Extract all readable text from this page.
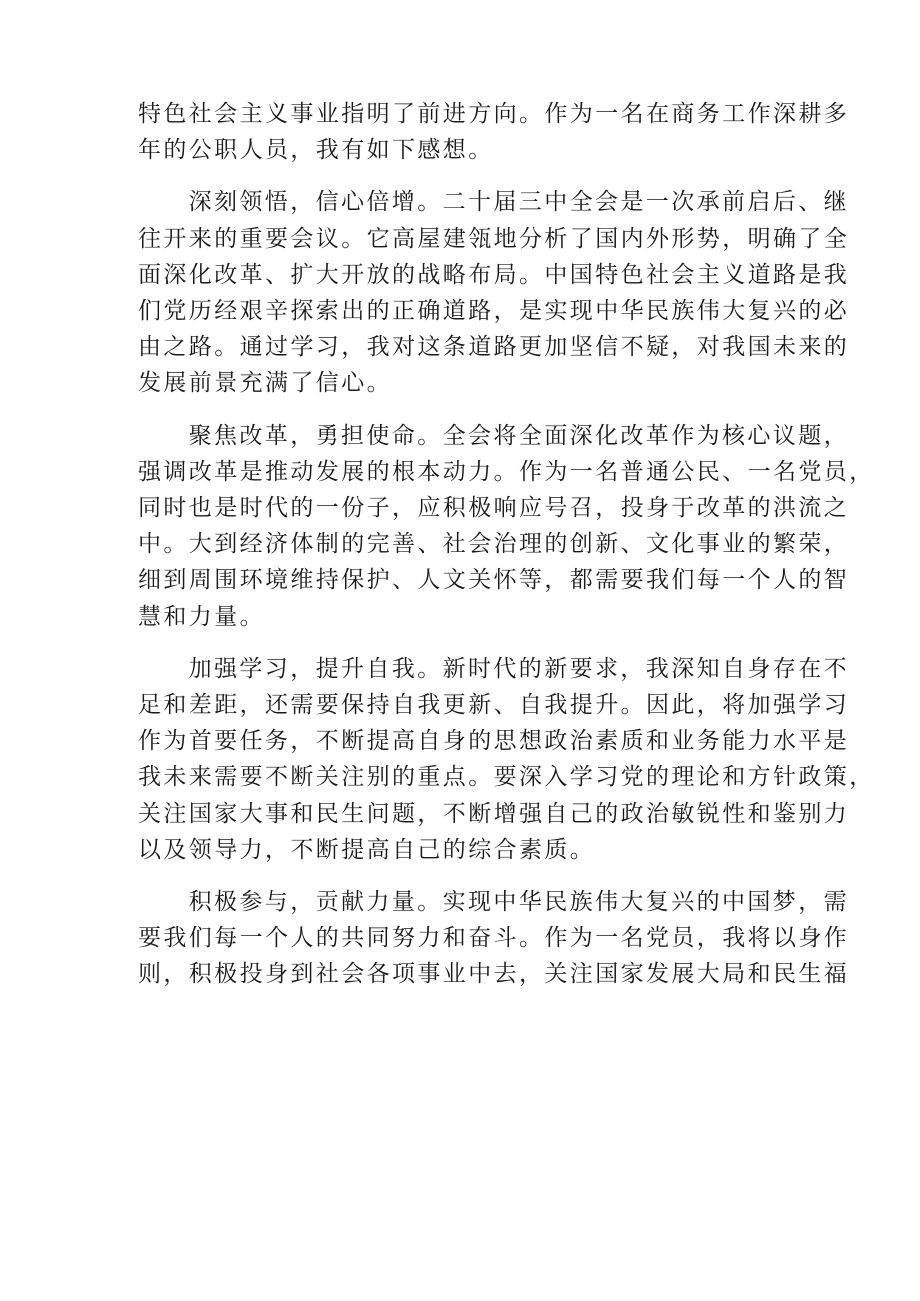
特色社会主义事业指明了前进方向。作为一名在商务工作深耕多
年的公职人员，我有如下感想。

深刻领悟，信心倍增。二十届三中全会是一次承前启后、继
往开来的重要会议。它高屋建瓴地分析了国内外形势，明确了全
面深化改革、扩大开放的战略布局。中国特色社会主义道路是我
们党历经艰辛探索出的正确道路，是实现中华民族伟大复兴的必
由之路。通过学习，我对这条道路更加坚信不疑，对我国未来的
发展前景充满了信心。

聚焦改革，勇担使命。全会将全面深化改革作为核心议题，
强调改革是推动发展的根本动力。作为一名普通公民、一名党员，
同时也是时代的一份子，应积极响应号召，投身于改革的洪流之
中。大到经济体制的完善、社会治理的创新、文化事业的繁荣，
细到周围环境维持保护、人文关怀等，都需要我们每一个人的智
慧和力量。

加强学习，提升自我。新时代的新要求，我深知自身存在不
足和差距，还需要保持自我更新、自我提升。因此，将加强学习
作为首要任务，不断提高自身的思想政治素质和业务能力水平是
我未来需要不断关注别的重点。要深入学习党的理论和方针政策，
关注国家大事和民生问题，不断增强自己的政治敏锐性和鉴别力
以及领导力，不断提高自己的综合素质。

积极参与，贡献力量。实现中华民族伟大复兴的中国梦，需
要我们每一个人的共同努力和奋斗。作为一名党员，我将以身作
则，积极投身到社会各项事业中去，关注国家发展大局和民生福
